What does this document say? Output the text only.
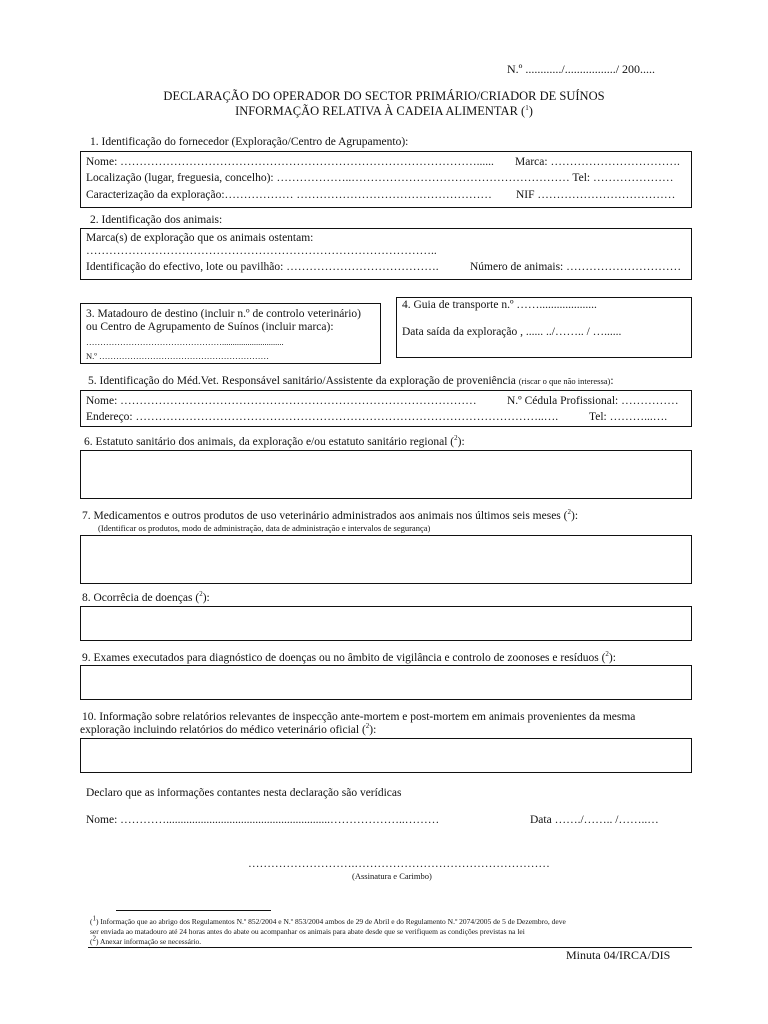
N.º ............/................./ 200.....
DECLARAÇÃO DO OPERADOR DO SECTOR PRIMÁRIO/CRIADOR DE SUÍNOS
INFORMAÇÃO RELATIVA À CADEIA ALIMENTAR ($^1$)
1. Identificação do fornecedor (Exploração/Centro de Agrupamento):
Nome: …………………………………………………………………………………...... Marca: …………………………….
Localização (lugar, freguesia, concelho): ………………..………………………………………………… Tel: …………………
Caracterização da exploração:……………… …………………………………………… NIF ………………………………
2. Identificação dos animais:
Marca(s) de exploração que os animais ostentam:
………………………………………………………………………………..
Identificação do efectivo, lote ou pavilhão: ………………………………….	Número de animais: …………………………
3. Matadouro de destino (incluir n.º de controlo veterinário)
ou Centro de Agrupamento de Suínos (incluir marca):
………………………………………….............................
N.º ……………………………………………………
4. Guia de transporte n.º ……....................
Data saída da exploração , ...... ../…….. / …......
5. Identificação do Méd.Vet. Responsável sanitário/Assistente da exploração de proveniência (riscar o que não interessa):
Nome: …………………………………………………………………………………	N.º Cédula Profissional: ……………
Endereço: ……………………………………………………………………………………………..….	Tel: ………...….
6. Estatuto sanitário dos animais, da exploração e/ou estatuto sanitário regional ($^2$):
7. Medicamentos e outros produtos de uso veterinário administrados aos animais nos últimos seis meses ($^2$):
(Identificar os produtos, modo de administração, data de administração e intervalos de segurança)
8. Ocorrêcia de doenças ($^2$):
9. Exames executados para diagnóstico de doenças ou no âmbito de vigilância e controlo de zoonoses e resíduos ($^2$):
10. Informação sobre relatórios relevantes de inspecção ante-mortem e post-mortem em animais provenientes da mesma
exploração incluindo relatórios do médico veterinário oficial ($^2$):
Declaro que as informações contantes nesta declaração são verídicas
Nome: ………….........................................................………………..………	Data ……./…….. /……..…
……………………….……………………………………………
(Assinatura e Carimbo)
($^1$) Informação que ao abrigo dos Regulamentos N.º 852/2004 e N.º 853/2004 ambos de 29 de Abril e do Regulamento N.º 2074/2005 de 5 de Dezembro, deve
ser enviada ao matadouro até 24 horas antes do abate ou acompanhar os animais para abate desde que se verifiquem as condições previstas na lei
($^2$) Anexar informação se necessário.
Minuta 04/IRCA/DIS
